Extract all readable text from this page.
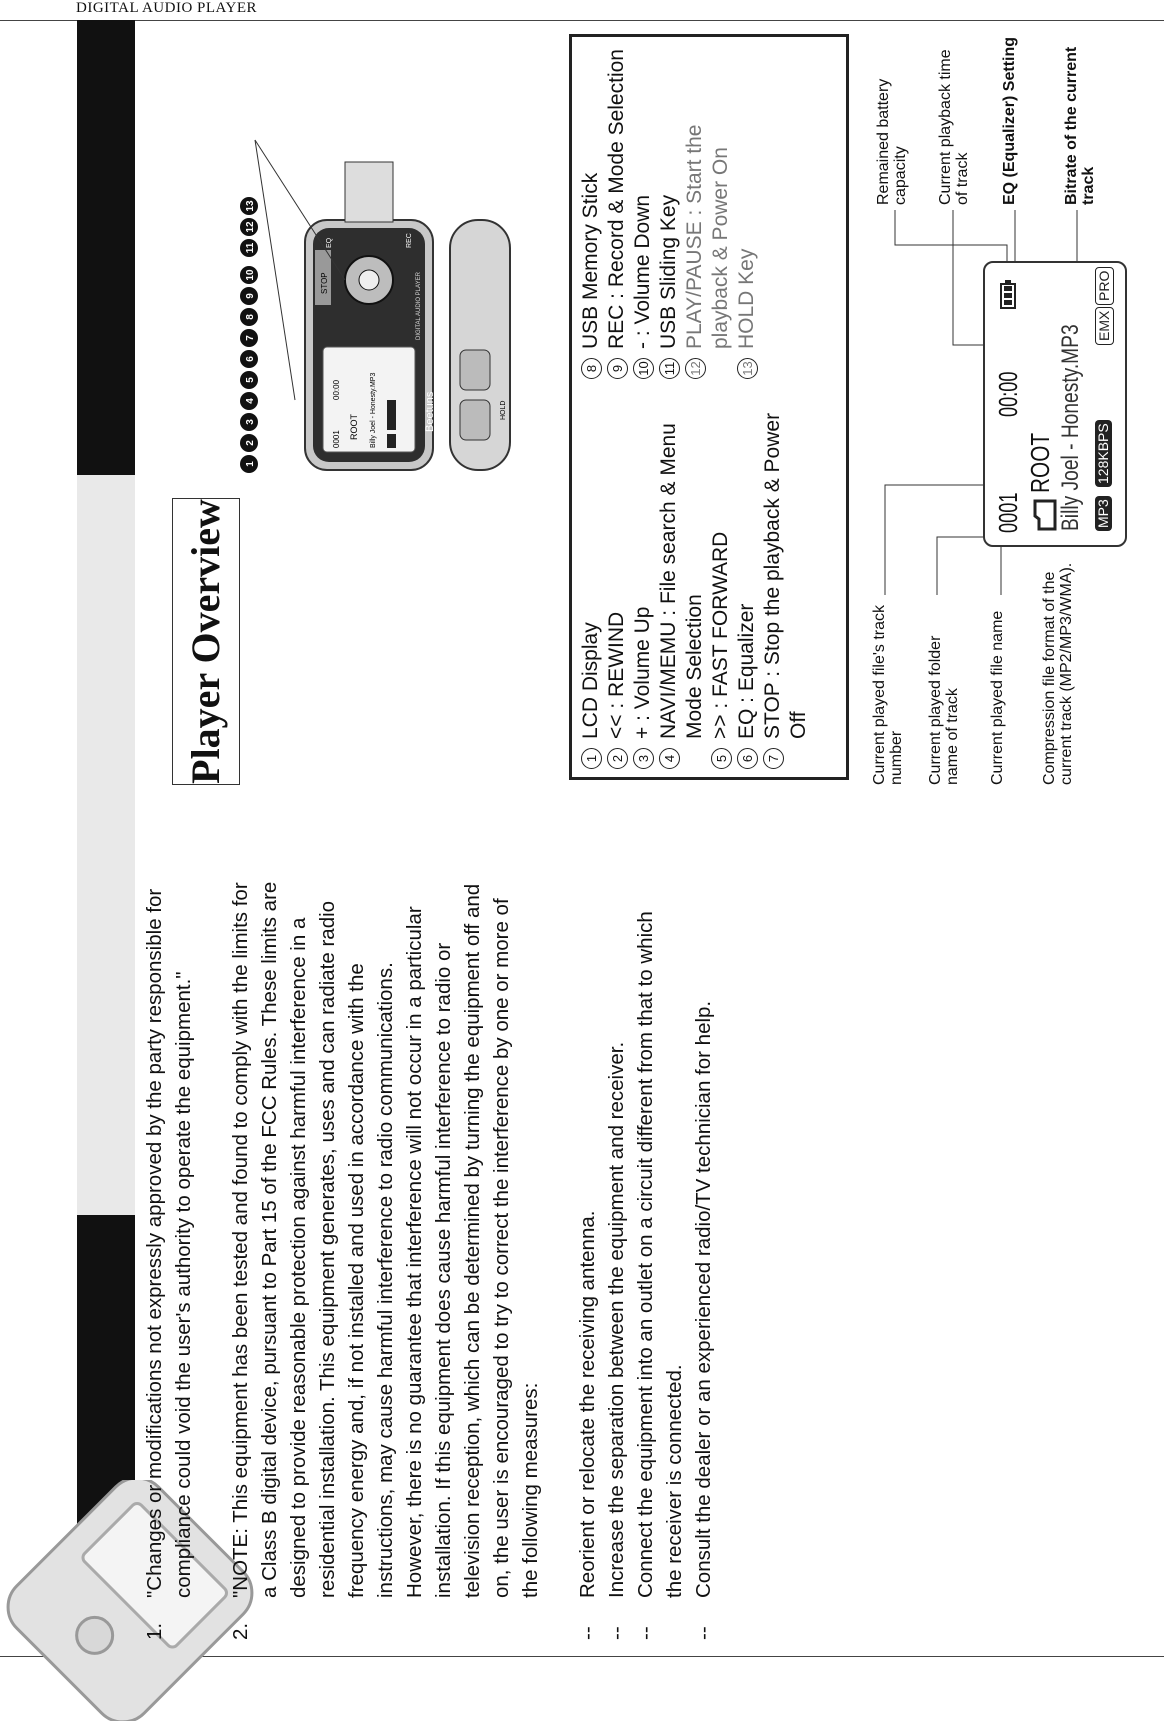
DIGITAL AUDIO PLAYER
1.
"Changes or modifications not expressly approved by the party responsible for compliance could void the user's authority to operate the equipment."
2.
"NOTE: This equipment has been tested and found to comply with the limits for a Class B digital device, pursuant to Part 15 of the FCC Rules. These limits are designed to provide reasonable protection against harmful interference in a residential installation. This equipment generates, uses and can radiate radio frequency energy and, if not installed and used in accordance with the instructions, may cause harmful interference to radio communications. However, there is no guarantee that interference will not occur in a particular installation. If this equipment does cause harmful interference to radio or television reception, which can be determined by turning the equipment off and on, the user is encouraged to try to correct the interference by one or more of the following measures:
--
Reorient or relocate the receiving antenna.
--
Increase the separation between the equipment and receiver.
--
Connect the equipment into an outlet on a circuit different from that to which the receiver is connected.
--
Consult the dealer or an experienced radio/TV technician for help.
Player Overview
0001
00:00
ROOT Billy Joel - Honesty.MP3	Beetuns
DIGITAL AUDIO PLAYER
STOP
REC
EQ
HOLD
1
2
3
4
5
6
7
8
9
10
11
12
13
1
LCD Display
2
<< : REWIND
3
+ : Volume Up
4
NAVI/MEMU : File search & Menu Mode Selection
5
>> : FAST FORWARD
6
EQ : Equalizer
7
STOP : Stop the playback & Power Off
8
USB Memory Stick
9
REC : Record & Mode Selection
10
- : Volume Down
11
USB Sliding Key
12
PLAY/PAUSE : Start the playback & Power On
13
HOLD Key
Current played file's track number Current played folder name of track Current played file name Compression file format of the current track (MP2/MP3/WMA).
Remained battery capacity Current playback time of track EQ (Equalizer) Setting	Bitrate of the current track
0001
00:00
ROOT Billy Joel - Honesty.MP3 MP3
128KBPS
EMX
PRO
